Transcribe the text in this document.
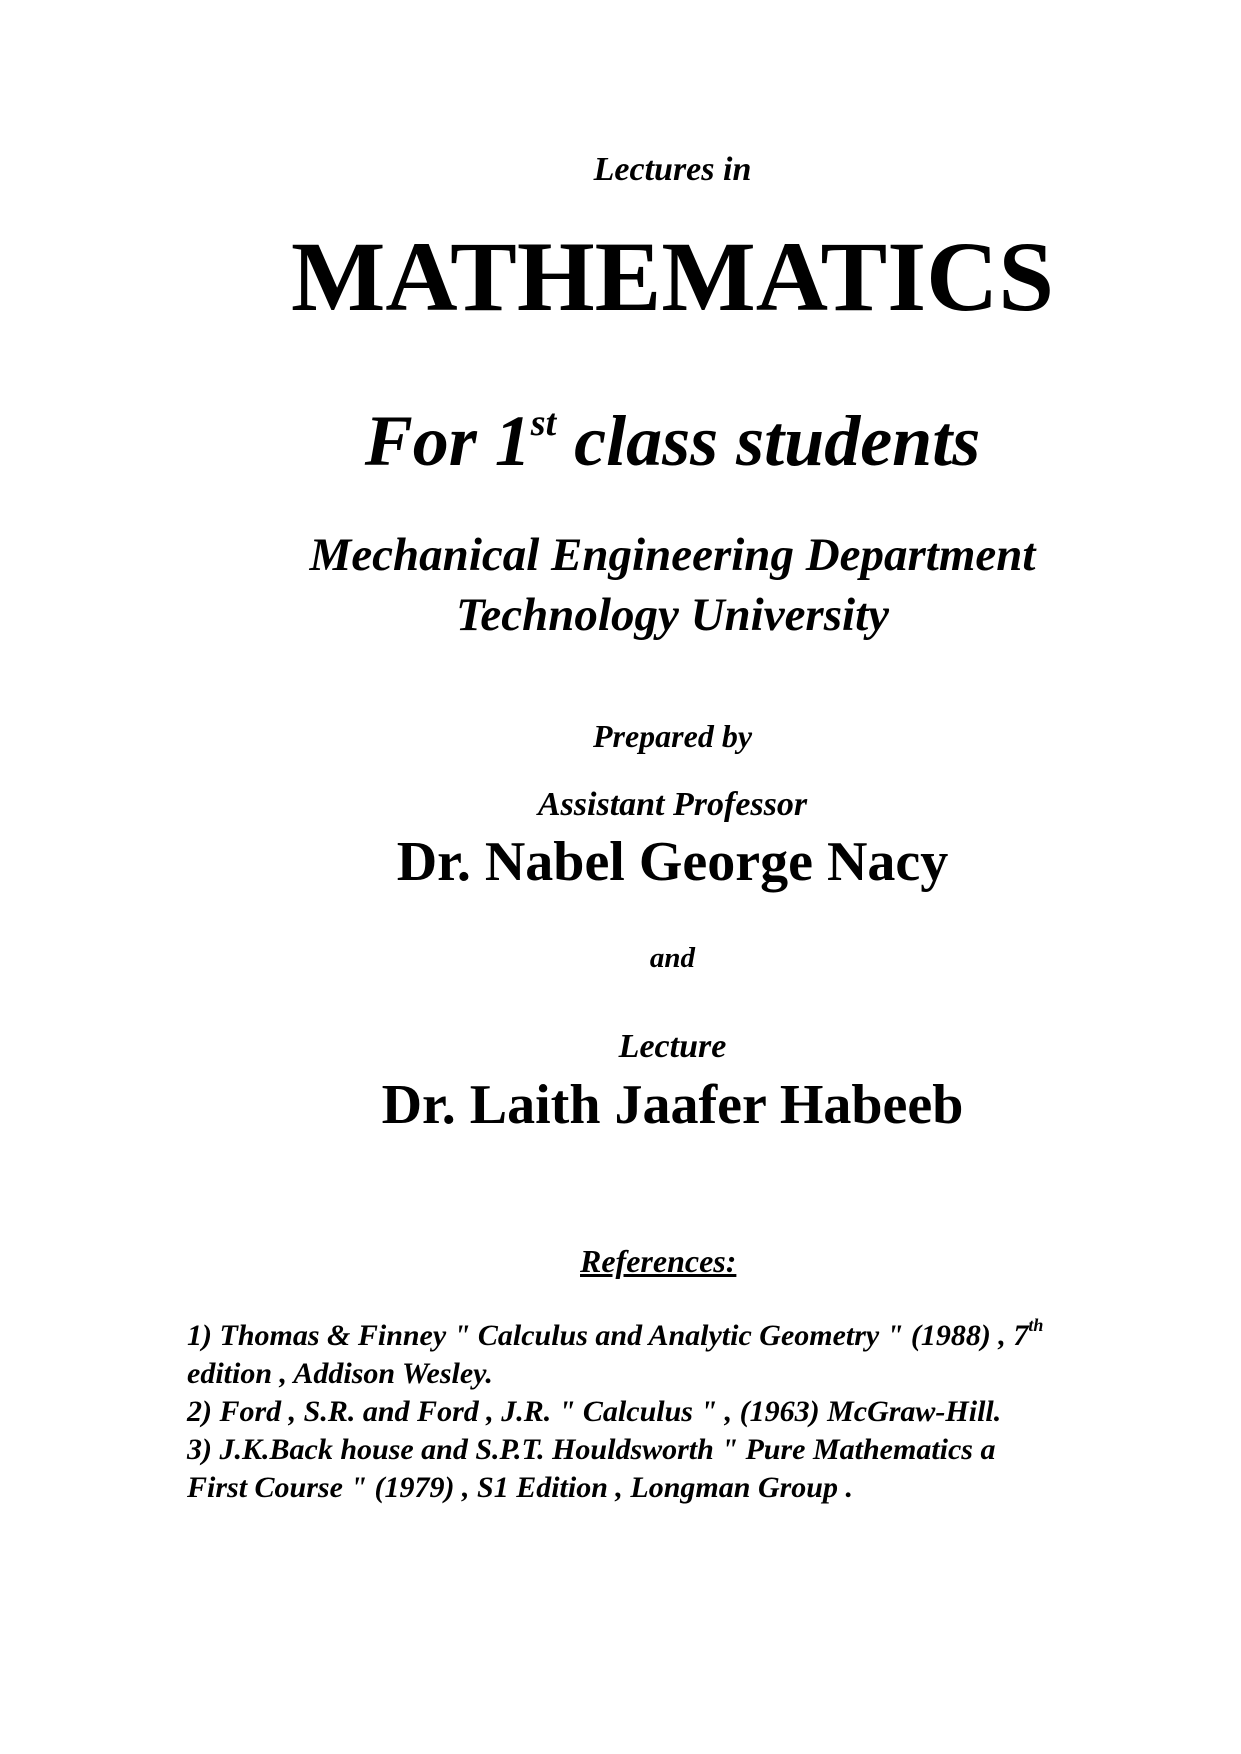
Lectures in
MATHEMATICS
For 1st class students
Mechanical Engineering Department
Technology University
Prepared by
Assistant Professor
Dr. Nabel George Nacy
and
Lecture
Dr. Laith Jaafer Habeeb
References:
1) Thomas & Finney " Calculus and Analytic Geometry " (1988) , 7th
edition , Addison Wesley.
2) Ford , S.R. and Ford , J.R. " Calculus " , (1963) McGraw-Hill.
3) J.K.Back house and S.P.T. Houldsworth " Pure Mathematics a
First Course " (1979) , S1 Edition , Longman Group .
